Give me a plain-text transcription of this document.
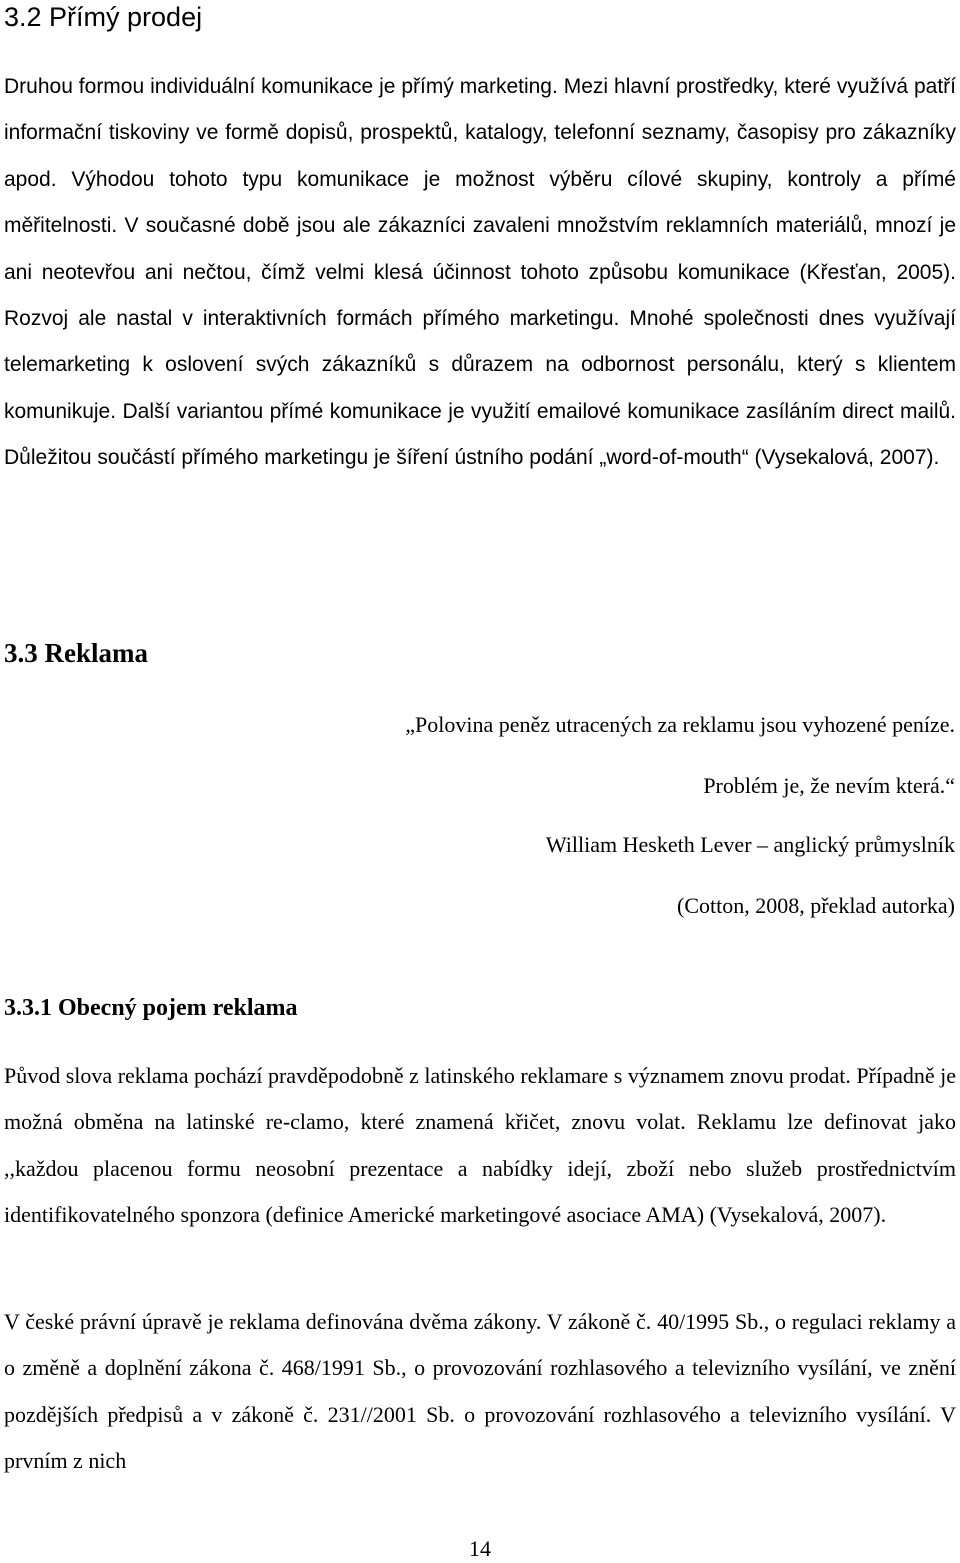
3.2 Přímý prodej

Druhou formou individuální komunikace je přímý marketing. Mezi hlavní prostředky, které využívá patří informační tiskoviny ve formě dopisů, prospektů, katalogy, telefonní seznamy, časopisy pro zákazníky apod. Výhodou tohoto typu komunikace je možnost výběru cílové skupiny, kontroly a přímé měřitelnosti. V současné době jsou ale zákazníci zavaleni množstvím reklamních materiálů, mnozí je ani neotevřou ani nečtou, čímž velmi klesá účinnost tohoto způsobu komunikace (Křesťan, 2005). Rozvoj ale nastal v interaktivních formách přímého marketingu. Mnohé společnosti dnes využívají telemarketing k oslovení svých zákazníků s důrazem na odbornost personálu, který s klientem komunikuje. Další variantou přímé komunikace je využití emailové komunikace zasíláním direct mailů. Důležitou součástí přímého marketingu je šíření ústního podání „word-of-mouth“ (Vysekalová, 2007).

3.3 Reklama

„Polovina peněz utracených za reklamu jsou vyhozené peníze.

Problém je, že nevím která.“

William Hesketh Lever – anglický průmyslník

(Cotton, 2008, překlad autorka)

3.3.1 Obecný pojem reklama

Původ slova reklama pochází pravděpodobně z latinského reklamare s významem znovu prodat. Případně je možná obměna na latinské re-clamo, které znamená křičet, znovu volat. Reklamu lze definovat jako ,,každou placenou formu neosobní prezentace a nabídky idejí, zboží nebo služeb prostřednictvím identifikovatelného sponzora (definice Americké marketingové asociace AMA) (Vysekalová, 2007).

V české právní úpravě je reklama definována dvěma zákony. V zákoně č. 40/1995 Sb., o regulaci reklamy a o změně a doplnění zákona č. 468/1991 Sb., o provozování rozhlasového a televizního vysílání, ve znění pozdějších předpisů a v zákoně č. 231//2001 Sb. o provozování rozhlasového a televizního vysílání. V prvním z nich

14
